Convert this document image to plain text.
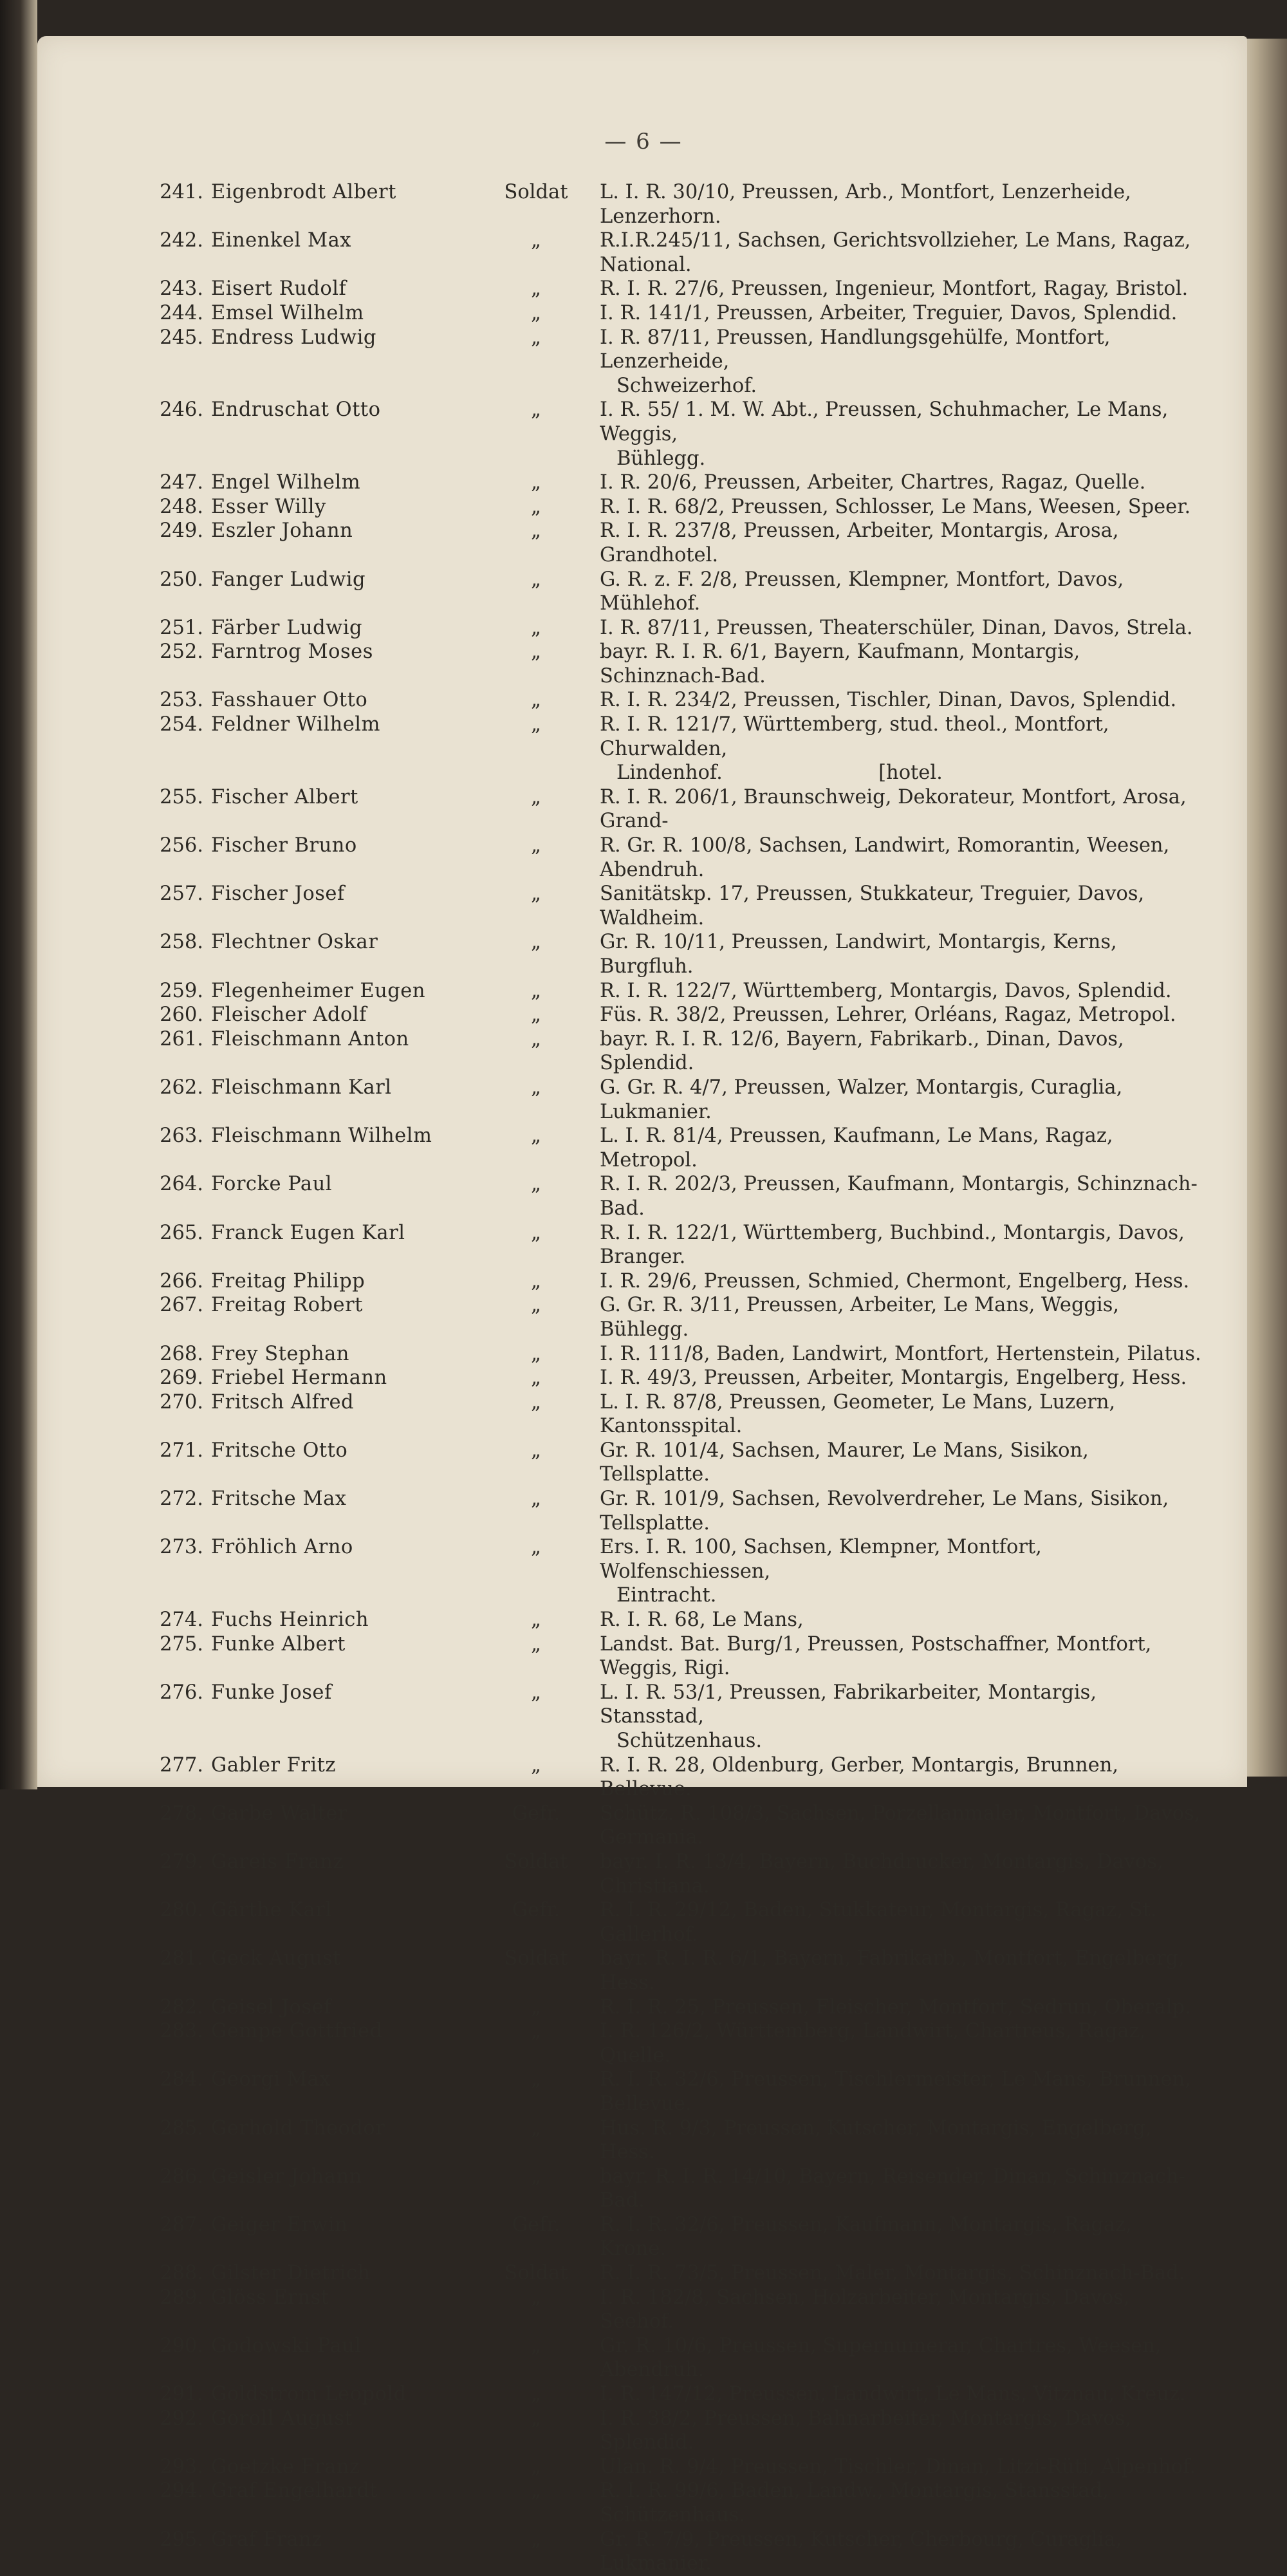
— 6 —
241. Eigenbrodt Albert	Soldat	L. I. R. 30/10, Preussen, Arb., Montfort, Lenzerheide, Lenzerhorn.
242. Einenkel Max	„	R.I.R.245/11, Sachsen, Gerichtsvollzieher, Le Mans, Ragaz, National.
243. Eisert Rudolf	„	R. I. R. 27/6, Preussen, Ingenieur, Montfort, Ragay, Bristol.
244. Emsel Wilhelm	„	I. R. 141/1, Preussen, Arbeiter, Treguier, Davos, Splendid.
245. Endress Ludwig	„	I. R. 87/11, Preussen, Handlungsgehülfe, Montfort, Lenzerheide,
Schweizerhof.
246. Endruschat Otto	„	I. R. 55/ 1. M. W. Abt., Preussen, Schuhmacher, Le Mans, Weggis,
Bühlegg.
247. Engel Wilhelm	„	I. R. 20/6, Preussen, Arbeiter, Chartres, Ragaz, Quelle.
248. Esser Willy	„	R. I. R. 68/2, Preussen, Schlosser, Le Mans, Weesen, Speer.
249. Eszler Johann	„	R. I. R. 237/8, Preussen, Arbeiter, Montargis, Arosa, Grandhotel.
250. Fanger Ludwig	„	G. R. z. F. 2/8, Preussen, Klempner, Montfort, Davos, Mühlehof.
251. Färber Ludwig	„	I. R. 87/11, Preussen, Theaterschüler, Dinan, Davos, Strela.
252. Farntrog Moses	„	bayr. R. I. R. 6/1, Bayern, Kaufmann, Montargis, Schinznach-Bad.
253. Fasshauer Otto	„	R. I. R. 234/2, Preussen, Tischler, Dinan, Davos, Splendid.
254. Feldner Wilhelm	„	R. I. R. 121/7, Württemberg, stud. theol., Montfort, Churwalden,
Lindenhof.                         [hotel.
255. Fischer Albert	„	R. I. R. 206/1, Braunschweig, Dekorateur, Montfort, Arosa, Grand-
256. Fischer Bruno	„	R. Gr. R. 100/8, Sachsen, Landwirt, Romorantin, Weesen, Abendruh.
257. Fischer Josef	„	Sanitätskp. 17, Preussen, Stukkateur, Treguier, Davos, Waldheim.
258. Flechtner Oskar	„	Gr. R. 10/11, Preussen, Landwirt, Montargis, Kerns, Burgfluh.
259. Flegenheimer Eugen	„	R. I. R. 122/7, Württemberg, Montargis, Davos, Splendid.
260. Fleischer Adolf	„	Füs. R. 38/2, Preussen, Lehrer, Orléans, Ragaz, Metropol.
261. Fleischmann Anton	„	bayr. R. I. R. 12/6, Bayern, Fabrikarb., Dinan, Davos, Splendid.
262. Fleischmann Karl	„	G. Gr. R. 4/7, Preussen, Walzer, Montargis, Curaglia, Lukmanier.
263. Fleischmann Wilhelm	„	L. I. R. 81/4, Preussen, Kaufmann, Le Mans, Ragaz, Metropol.
264. Forcke Paul	„	R. I. R. 202/3, Preussen, Kaufmann, Montargis, Schinznach-Bad.
265. Franck Eugen Karl	„	R. I. R. 122/1, Württemberg, Buchbind., Montargis, Davos, Branger.
266. Freitag Philipp	„	I. R. 29/6, Preussen, Schmied, Chermont, Engelberg, Hess.
267. Freitag Robert	„	G. Gr. R. 3/11, Preussen, Arbeiter, Le Mans, Weggis, Bühlegg.
268. Frey Stephan	„	I. R. 111/8, Baden, Landwirt, Montfort, Hertenstein, Pilatus.
269. Friebel Hermann	„	I. R. 49/3, Preussen, Arbeiter, Montargis, Engelberg, Hess.
270. Fritsch Alfred	„	L. I. R. 87/8, Preussen, Geometer, Le Mans, Luzern, Kantonsspital.
271. Fritsche Otto	„	Gr. R. 101/4, Sachsen, Maurer, Le Mans, Sisikon, Tellsplatte.
272. Fritsche Max	„	Gr. R. 101/9, Sachsen, Revolverdreher, Le Mans, Sisikon, Tellsplatte.
273. Fröhlich Arno	„	Ers. I. R. 100, Sachsen, Klempner, Montfort, Wolfenschiessen,
Eintracht.
274. Fuchs Heinrich	„	R. I. R. 68, Le Mans,
275. Funke Albert	„	Landst. Bat. Burg/1, Preussen, Postschaffner, Montfort, Weggis, Rigi.
276. Funke Josef	„	L. I. R. 53/1, Preussen, Fabrikarbeiter, Montargis, Stansstad,
Schützenhaus.
277. Gabler Fritz	„	R. I. R. 28, Oldenburg, Gerber, Montargis, Brunnen, Bellevue.
278. Garbe Walter	Gefr.	Schütz. R. 108/3, Sachsen, Porzellanmaler, Montfort, Davos, Germania.
279. Gareis Franz	Soldat	bayr. I. R. 13/4, Bayern, Buchdrucker, Montargis, Davos, Christiana.
280. Gärthe Karl	Gefr.	R. I. R. 29/12, Baden, Stukkateur, Montargis, Ragaz, St. Gallerhof.
281. Geck August	Soldat	bayr. R. I. R. 6/1, Bayern, Fabrikarb., Montfort, Engelberg, Hess.
282. Geisel Josef	„	R. I. R. 25, Preussen, Fleischer, Montfort, Sedrun, Oberalp.
283. Gempe Gottfried	„	I. R. 126/2, Württemberg, Landwirt, Chartreus, Ragaz, Quelle.
284. Georgi Max	„	R. I. R. 32/6, Preussen, Tischlermeister, Le Mans, Brunnen, Bellevue.
285. Gerhold Theodor	„	Hus. R. 9/3, Preussen, Kutscher, Montargis, Engelberg, Hess.
286. Geisler Johann	„	bayr. R. I. R. 14/10, Bayern, Reisender, Dinan, Schinznach-Bad.
287. Geiger Erwin	Gefr.	R. I. R. 32/6, Preussen, Kaufmann, Montargis, Ragaz, Krone.
288. Gilster Dietrich	Soldat	R. I. R. 73/5, Preussen, Maler, Montargis, Schinznach-Bad.
289. Glöss Ernst	„	I. R. 182/8, Sachsen, Holzarbeiter, Montargis, Davos, Seehof.
290. Godowski Paul	„	Gr. R. 10/6, Preussen, Supernumerar, Chartres, Weesen, Abendruh.
291. Goldstrom Leopold	„	I. R. 147/12, Preussen, Landwirt, Le Mans, Vitznau, Kreuz.
292. Goroll August	„	I. R. 38/2, Preussen, Bahnarbeiter, Montargis, Davos, Splendid.
293. Goetzke Franz	„	Ulan. R. 9/4, Preussen, Tischler, Dinan, Litzi-Rüti, Alpenhof.
294. Graf Engelhardt	„	R. I. R. 99/6, Baden, Landw., Montargis, Stansstad, Schützenhaus.
295. Graf Franz	„	Gr. R. 7/9, Preussen, Kutscher, Cherbourg, Curaglia, Lukmanier.
